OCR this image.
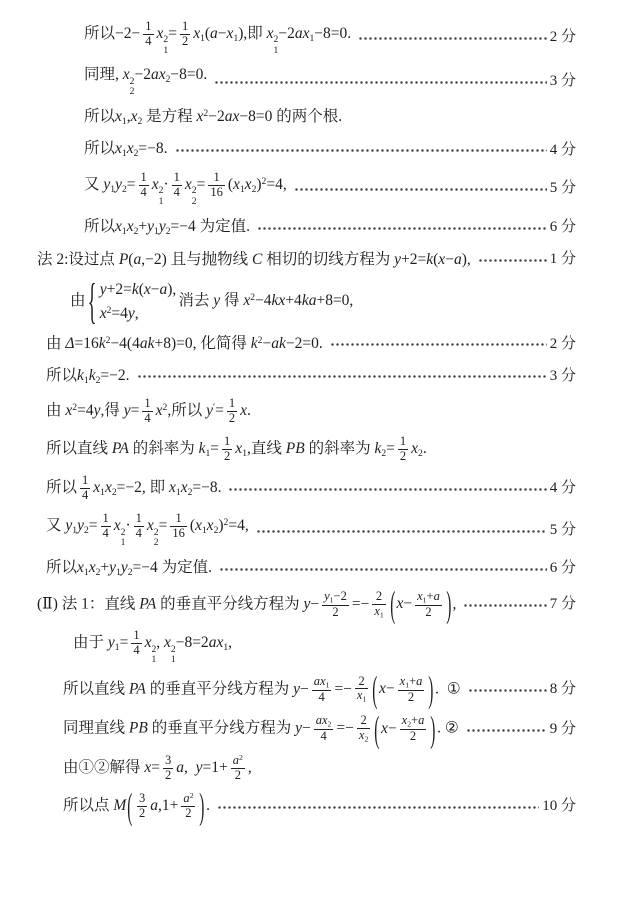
所以$-2- \frac{1}{4}$ x 2
1
= $\frac{1}{2} x1(a-x1)$,即 x 2
1
−2ax1−8=0.	2 分
同理, x 2
2
−2ax2−8=0.	3 分
所以x1,x2 是方程 $x^2-2ax-8=0$ 的两个根.
所以x1x2=−8.	4 分
又 $y1y2= \frac{1}{4}$ x 2
1
· $\frac{1}{4}$ x 2
2
= $\frac{1}{16} (x1x2)^2=4$,	5 分
所以x1x2+y1y2=−4 为定值.	6 分
法 2:设过点 P(a,−2) 且与抛物线 C 相切的切线方程为 y+2=k(x−a),	1 分
由 { y+2=k(x−a),
$x^2=4y$,
消去 y 得 $x^2-4kx+4ka+8=0$,
由 $\Delta=16k^2-4(4ak+8)=0$, 化简得 $k^2-ak-2=0$.	2 分
所以k1k2=−2.	3 分
由 $x^2=4y$,得 $y= \frac{1}{4} x^2$,所以 $y'= \frac{1}{2} x$.
所以直线 PA 的斜率为 $k1= \frac{1}{2} x1$,直线 PB 的斜率为 $k2= \frac{1}{2} x2$.
所以 $\frac{1}{4} x1x2=-2$, 即 x1x2=−8.	4 分
又 $y1y2= \frac{1}{4}$ x 2
1
· $\frac{1}{4}$ x 2
2
= $\frac{1}{16} (x1x2)^2=4$,	5 分
所以x1x2+y1y2=−4 为定值.	6 分
(Ⅱ) 法 1：直线 PA 的垂直平分线方程为 $y- \frac{y1-2}{2} =- \frac{2}{x1} (x- \frac{x1+a}{2}$ ),	7 分
由于 $y1= \frac{1}{4}$ x 2
1
, x 2
1
−8=2ax1,
所以直线 PA 的垂直平分线方程为 $y- \frac{ax1}{4} =- \frac{2}{x1} (x- \frac{x1+a}{2}$ ).  ①	8 分
同理直线 PB 的垂直平分线方程为 $y- \frac{ax2}{4} =- \frac{2}{x2} (x- \frac{x2+a}{2}$ ). ②	9 分
由①②解得 $x= \frac{3}{2} a$,  $y=1+ \frac{a^2}{2}$ ,
所以点 $M( \frac{3}{2} a,1+ \frac{a^2}{2}$ ).	10 分
